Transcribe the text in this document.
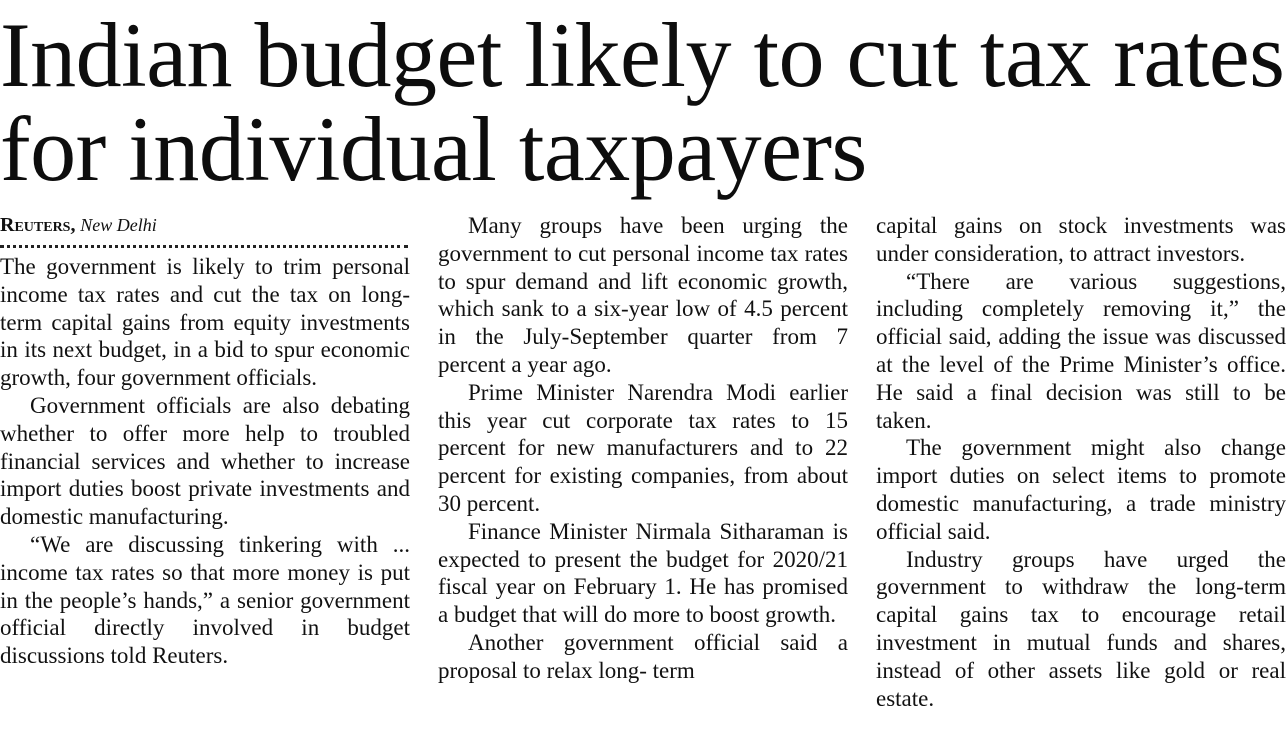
Indian budget likely to cut tax rates for individual taxpayers
Reuters, New Delhi

The government is likely to trim personal income tax rates and cut the tax on long-term capital gains from equity investments in its next budget, in a bid to spur economic growth, four government officials.

Government officials are also debating whether to offer more help to troubled financial services and whether to increase import duties boost private investments and domestic manufacturing.

“We are discussing tinkering with ... income tax rates so that more money is put in the people’s hands,” a senior government official directly involved in budget discussions told Reuters.

Many groups have been urging the government to cut personal income tax rates to spur demand and lift economic growth, which sank to a six-year low of 4.5 percent in the July-September quarter from 7 percent a year ago.

Prime Minister Narendra Modi earlier this year cut corporate tax rates to 15 percent for new manufacturers and to 22 percent for existing companies, from about 30 percent.

Finance Minister Nirmala Sitharaman is expected to present the budget for 2020/21 fiscal year on February 1. He has promised a budget that will do more to boost growth.

Another government official said a proposal to relax long- term

capital gains on stock investments was under consideration, to attract investors.

“There are various suggestions, including completely removing it,” the official said, adding the issue was discussed at the level of the Prime Minister’s office. He said a final decision was still to be taken.

The government might also change import duties on select items to promote domestic manufacturing, a trade ministry official said.

Industry groups have urged the government to withdraw the long-term capital gains tax to encourage retail investment in mutual funds and shares, instead of other assets like gold or real estate.
